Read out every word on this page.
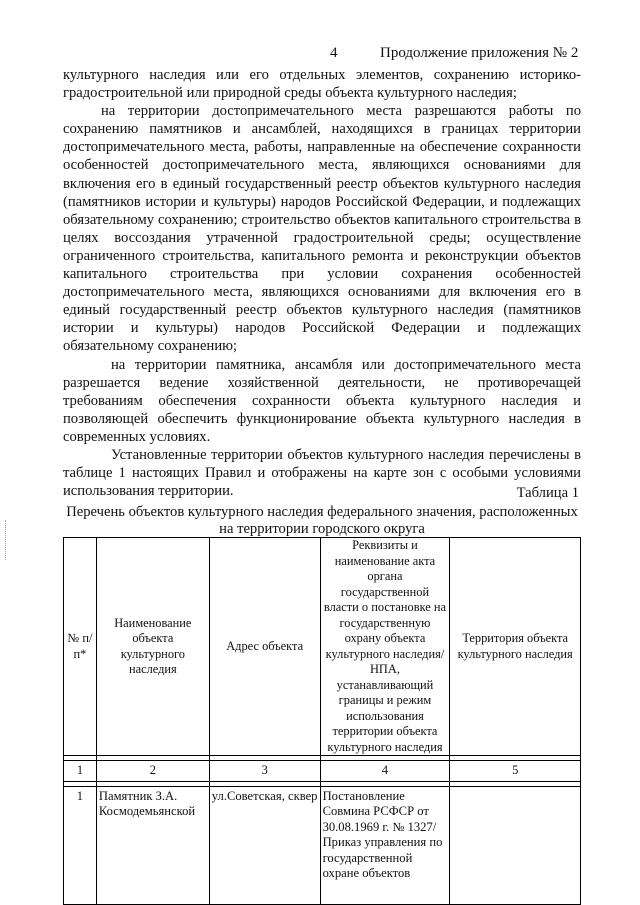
4	Продолжение приложения № 2

культурного наследия или его отдельных элементов, сохранению историко-градостроительной или природной среды объекта культурного наследия;

на территории достопримечательного места разрешаются работы по сохранению памятников и ансамблей, находящихся в границах территории достопримечательного места, работы, направленные на обеспечение сохранности особенностей достопримечательного места, являющихся основаниями для включения его в единый государственный реестр объектов культурного наследия (памятников истории и культуры) народов Российской Федерации, и подлежащих обязательному сохранению; строительство объектов капитального строительства в целях воссоздания утраченной градостроительной среды; осуществление ограниченного строительства, капитального ремонта и реконструкции объектов капитального строительства при условии сохранения особенностей достопримечательного места, являющихся основаниями для включения его в единый государственный реестр объектов культурного наследия (памятников истории и культуры) народов Российской Федерации и подлежащих обязательному сохранению;

на территории памятника, ансамбля или достопримечательного места разрешается ведение хозяйственной деятельности, не противоречащей требованиям обеспечения сохранности объекта культурного наследия и позволяющей обеспечить функционирование объекта культурного наследия в современных условиях.

Установленные территории объектов культурного наследия перечислены в таблице 1 настоящих Правил и отображены на карте зон с особыми условиями использования территории.	Таблица 1
Перечень объектов культурного наследия федерального значения, расположенных на территории городского округа
№ п/п*	Наименование объекта культурного наследия	Адрес объекта	Реквизиты и наименование акта органа государственной власти о постановке на государственную охрану объекта культурного наследия/ НПА, устанавливающий границы и режим использования территории объекта культурного наследия	Территория объекта культурного наследия

1	2	3	4	5

1	Памятник З.А. Космодемьянской	ул.Советская, сквер	Постановление Совмина РСФСР от 30.08.1969 г. № 1327/ Приказ управления по государственной охране объектов	
